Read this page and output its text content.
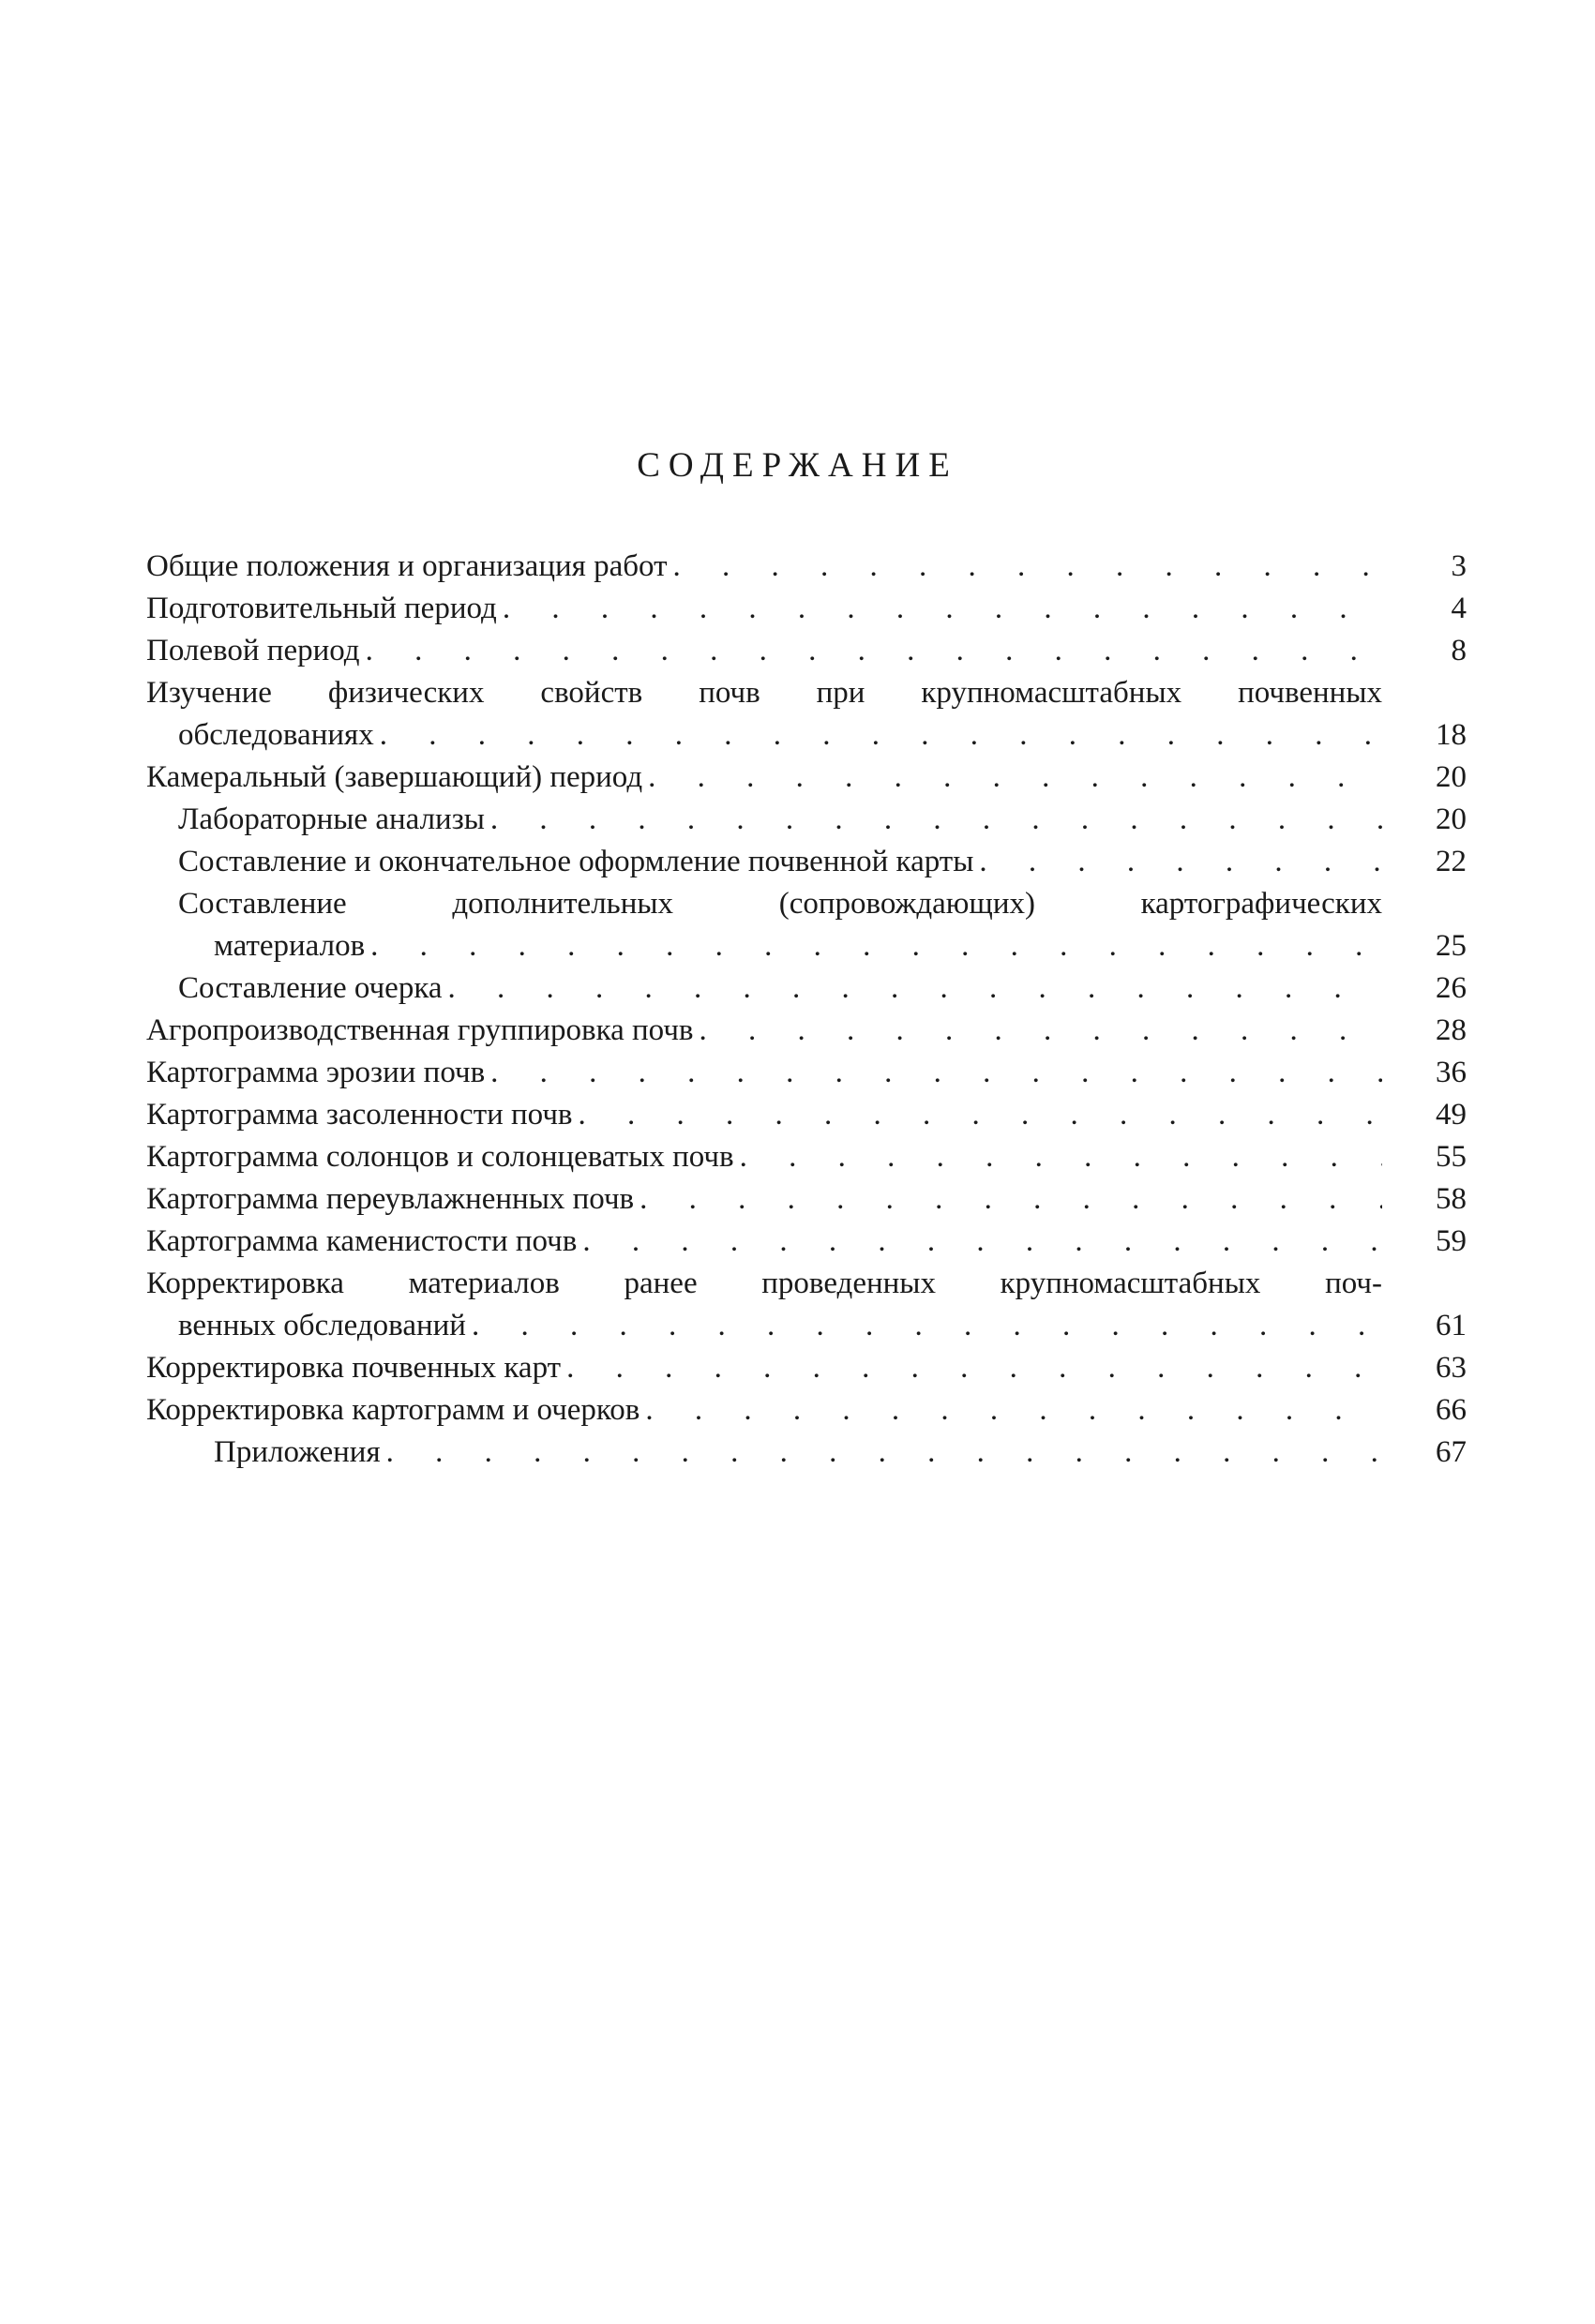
СОДЕРЖАНИЕ
Общие положения и организация работ . . .	3
Подготовительный период . . .	4
Полевой период . . .	8
Изучение физических свойств почв при крупномасштабных почвенных
обследованиях . . .	18
Камеральный (завершающий) период . . .	20
Лабораторные анализы . . .	20
Составление и окончательное оформление почвенной карты . . .	22
Составление	дополнительных	(сопровождающих)	картографических
материалов . . .	25
Составление очерка . . .	26
Агропроизводственная группировка почв . . .	28
Картограмма эрозии почв . . .	36
Картограмма засоленности почв . . .	49
Картограмма солонцов и солонцеватых почв . . .	55
Картограмма переувлажненных почв . . .	58
Картограмма каменистости почв . . .	59
Корректировка материалов ранее проведенных крупномасштабных поч-
венных обследований . . .	61
Корректировка почвенных карт . . .	63
Корректировка картограмм и очерков . . .	66
Приложения . . .	67
